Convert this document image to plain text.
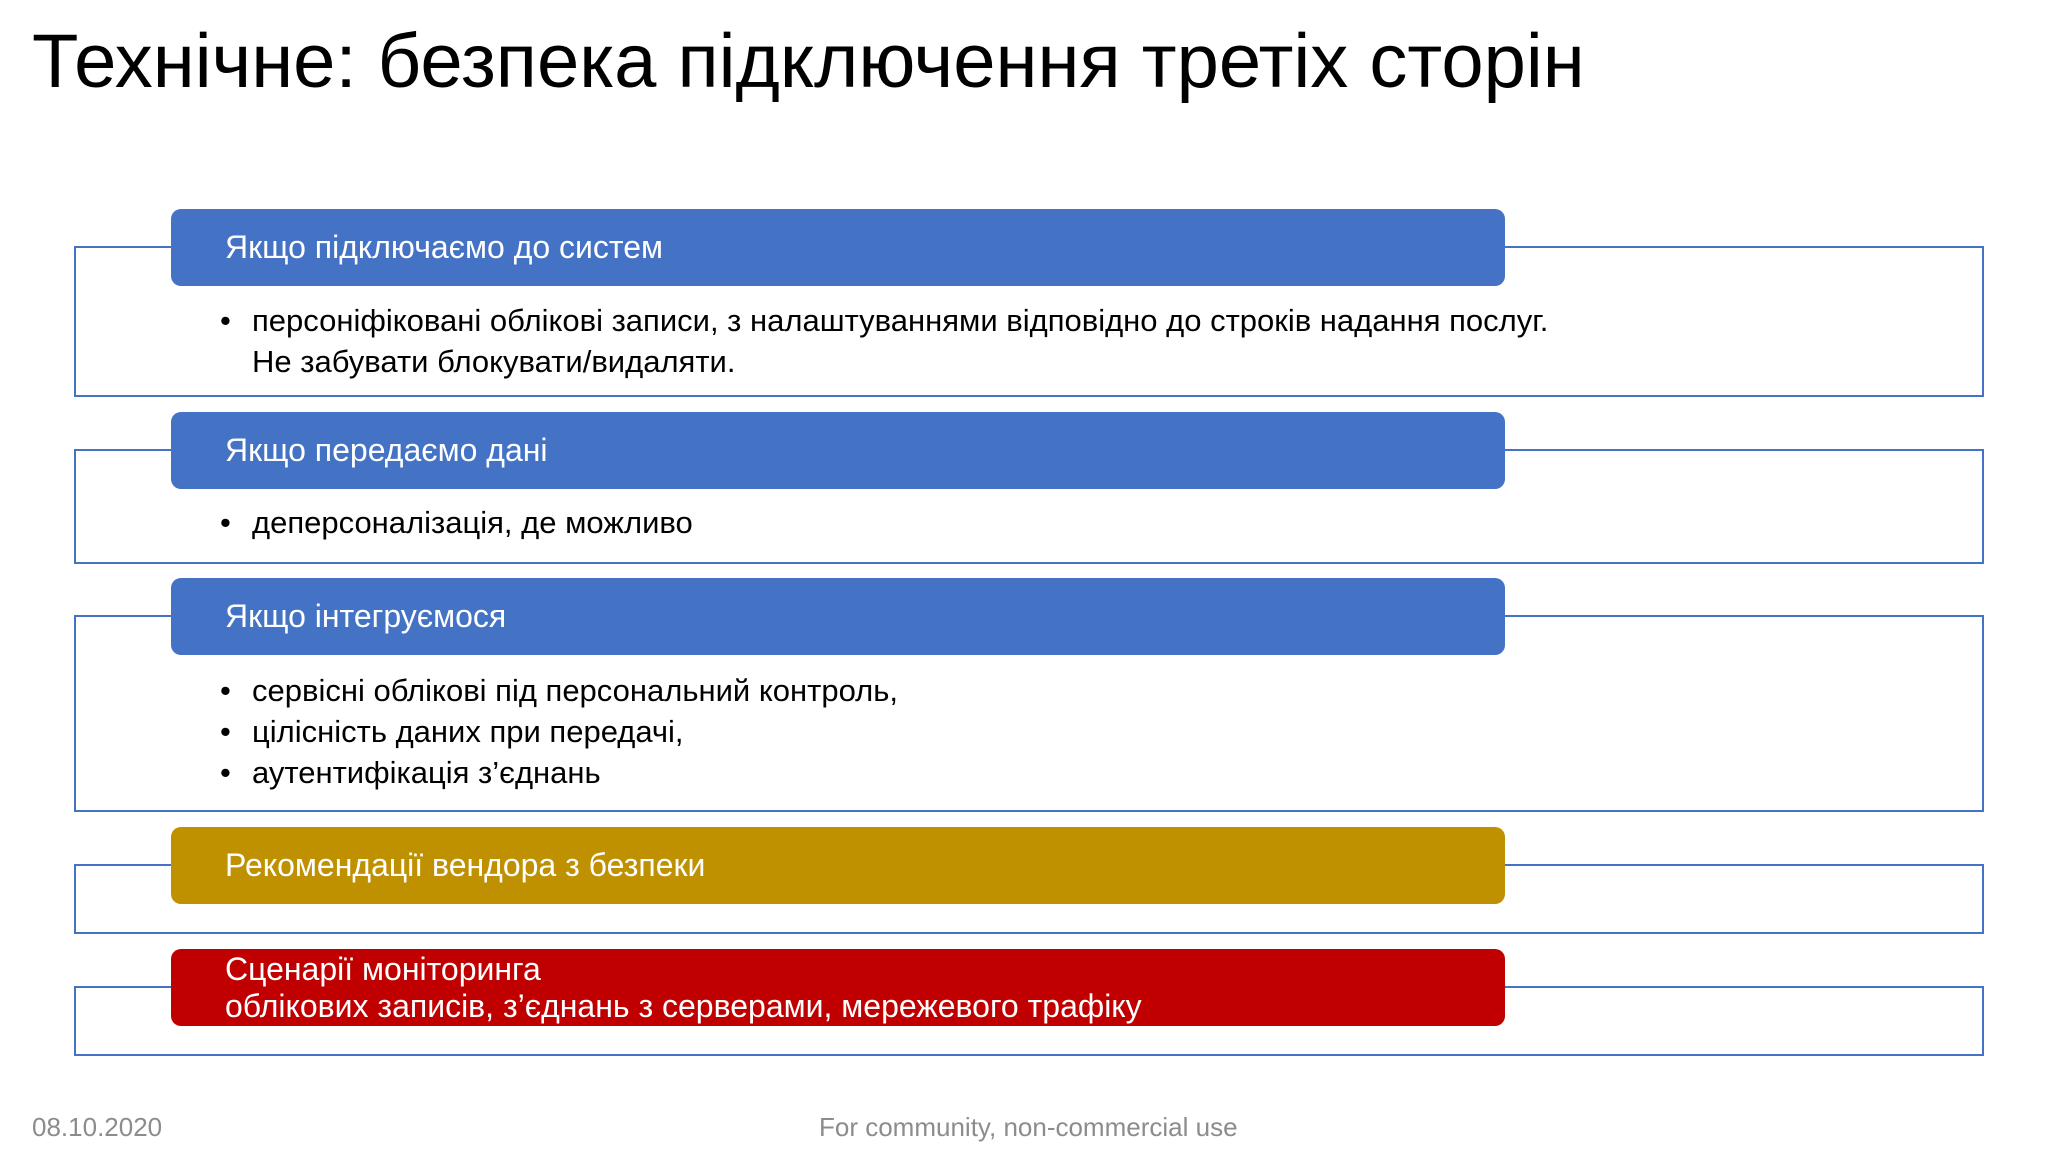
Технічне: безпека підключення третіх сторін
Якщо підключаємо до систем
• персоніфіковані облікові записи, з налаштуваннями відповідно до строків надання послуг.
Не забувати блокувати/видаляти.
Якщо передаємо дані
• деперсоналізація, де можливо
Якщо інтегруємося
• сервісні облікові під персональний контроль,
• цілісність даних при передачі,
• аутентифікація з’єднань
Рекомендації вендора з безпеки
Сценарії моніторинга
облікових записів, з’єднань з серверами, мережевого трафіку
08.10.2020	For community, non-commercial use
